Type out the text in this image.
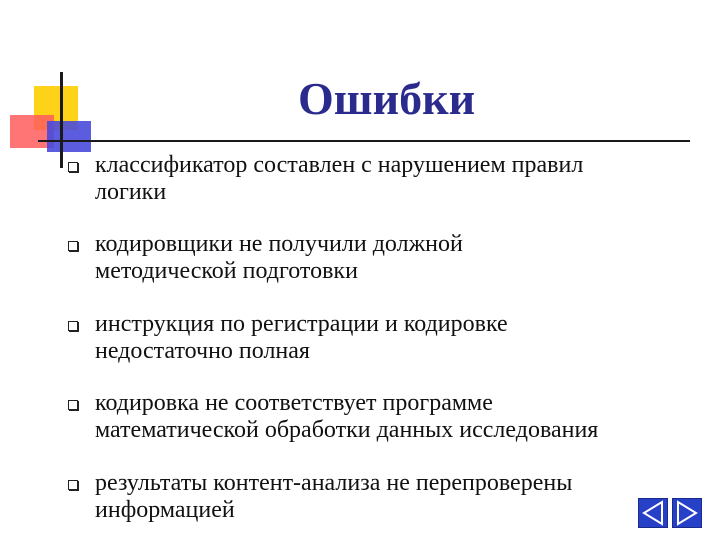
Ошибки
классификатор составлен с нарушением правил
логики
кодировщики не получили должной
методической подготовки
инструкция по регистрации и кодировке
недостаточно полная
кодировка не соответствует программе
математической обработки данных исследования
результаты контент-анализа не перепроверены
информацией
